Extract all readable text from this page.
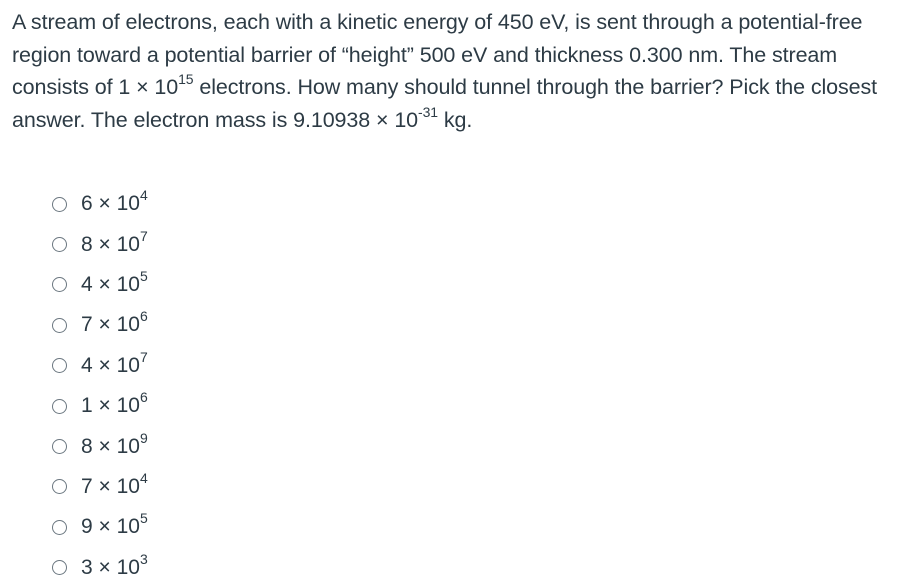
A stream of electrons, each with a kinetic energy of 450 eV, is sent through a potential-free region toward a potential barrier of “height” 500 eV and thickness 0.300 nm. The stream consists of $1 \times 10^{15}$ electrons. How many should tunnel through the barrier? Pick the closest answer. The electron mass is $9.10938 \times 10^{-31}$ kg.
$6 \times 10^4$
$8 \times 10^7$
$4 \times 10^5$
$7 \times 10^6$
$4 \times 10^7$
$1 \times 10^6$
$8 \times 10^9$
$7 \times 10^4$
$9 \times 10^5$
$3 \times 10^3$
